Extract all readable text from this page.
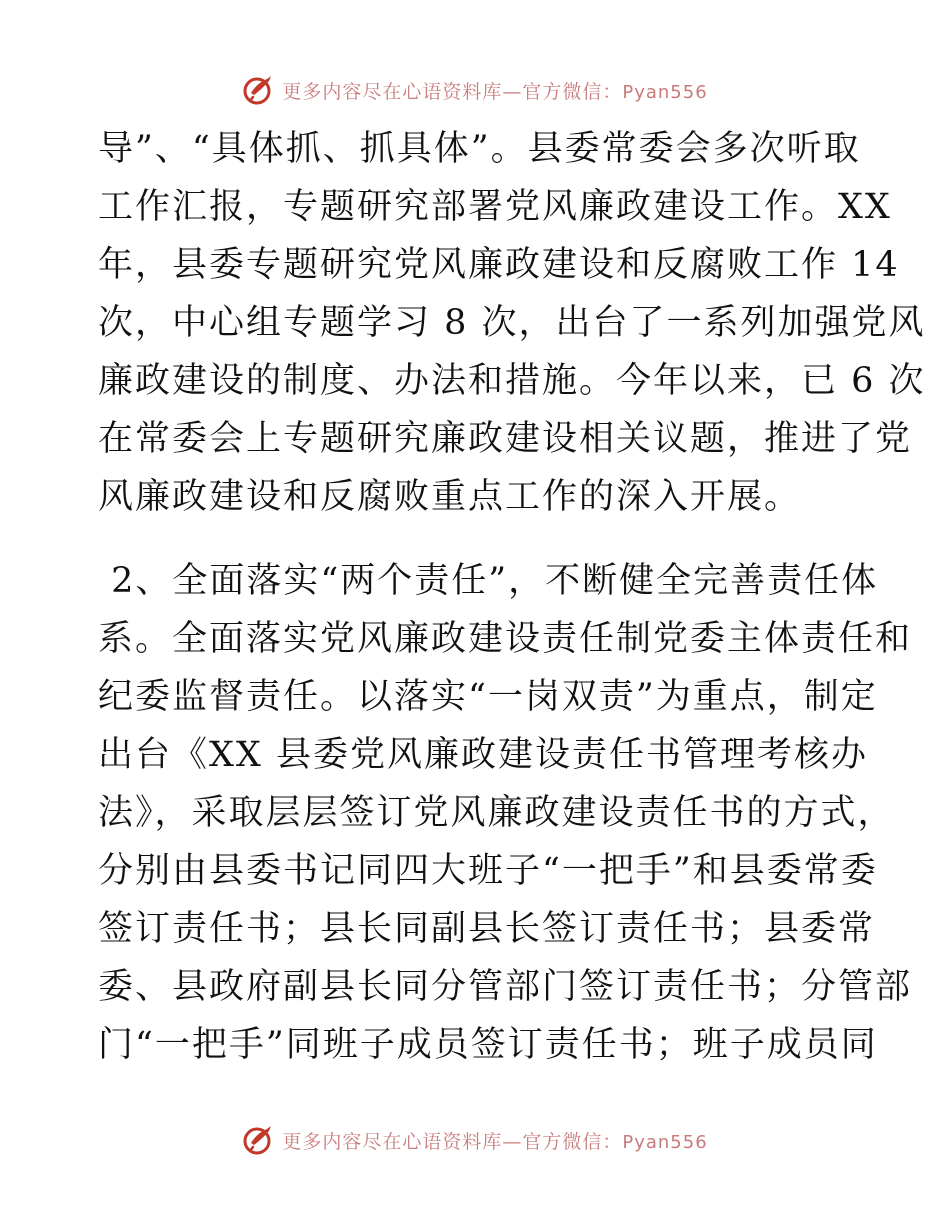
更多内容尽在心语资料库—官方微信：Pyan556
导”、“具体抓、抓具体”。县委常委会多次听取
工作汇报，专题研究部署党风廉政建设工作。XX
年，县委专题研究党风廉政建设和反腐败工作 14
次，中心组专题学习 8 次，出台了一系列加强党风
廉政建设的制度、办法和措施。今年以来，已 6 次
在常委会上专题研究廉政建设相关议题，推进了党
风廉政建设和反腐败重点工作的深入开展。
2、全面落实“两个责任”，不断健全完善责任体
系。全面落实党风廉政建设责任制党委主体责任和
纪委监督责任。以落实“一岗双责”为重点，制定
出台《XX 县委党风廉政建设责任书管理考核办
法》，采取层层签订党风廉政建设责任书的方式，
分别由县委书记同四大班子“一把手”和县委常委
签订责任书；县长同副县长签订责任书；县委常
委、县政府副县长同分管部门签订责任书；分管部
门“一把手”同班子成员签订责任书；班子成员同
更多内容尽在心语资料库—官方微信：Pyan556
